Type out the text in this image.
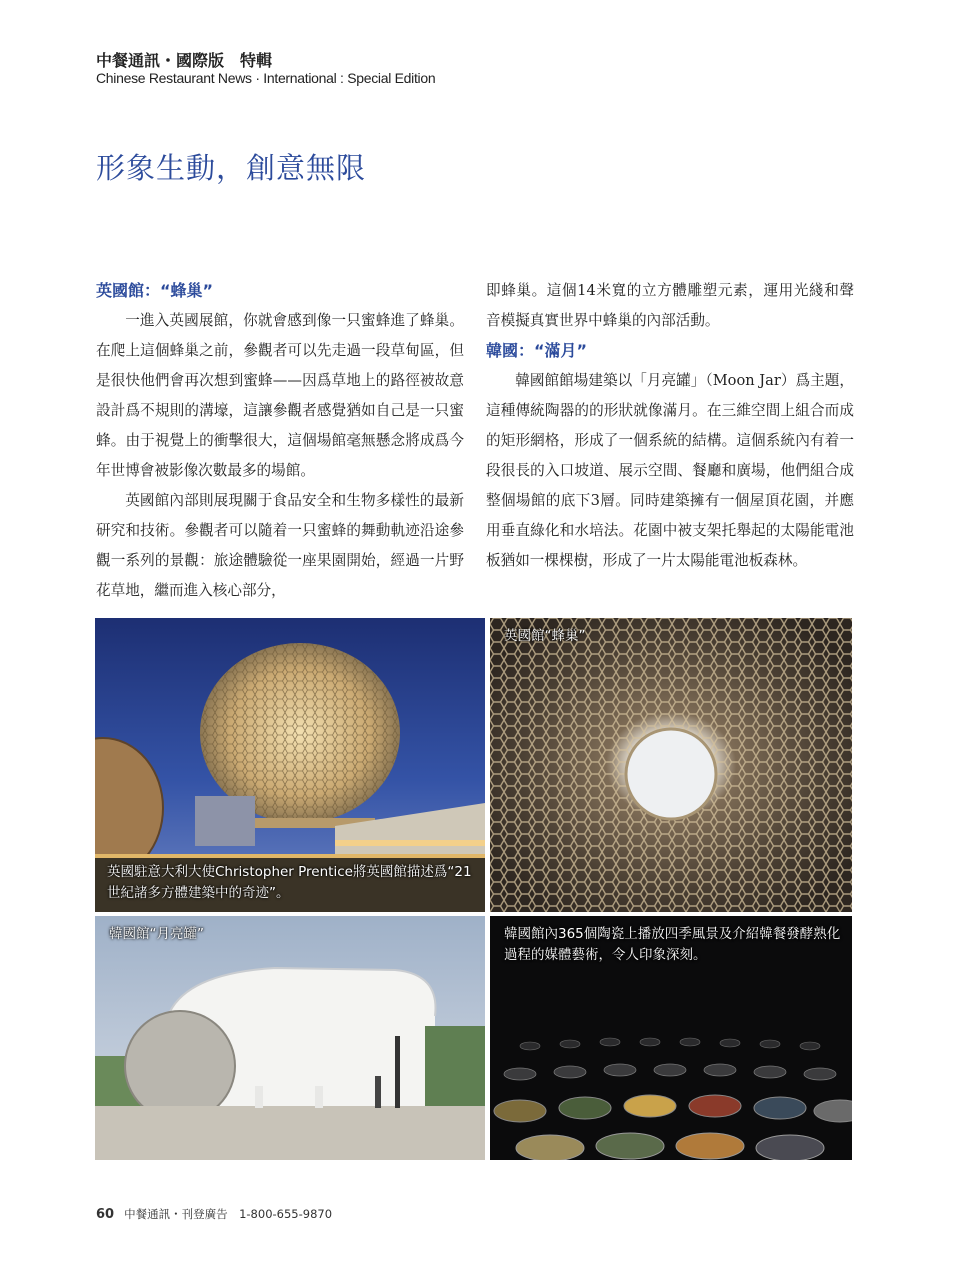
中餐通訊・國際版　特輯
Chinese Restaurant News · International : Special Edition
形象生動，創意無限

英國館：“蜂巢”

一進入英國展館，你就會感到像一只蜜蜂進了蜂巢。在爬上這個蜂巢之前，參觀者可以先走過一段草甸區，但是很快他們會再次想到蜜蜂——因爲草地上的路徑被故意設計爲不規則的溝壕，這讓參觀者感覺猶如自己是一只蜜蜂。由于視覺上的衝擊很大，這個場館毫無懸念將成爲今年世博會被影像次數最多的場館。

英國館內部則展現關于食品安全和生物多樣性的最新研究和技術。參觀者可以隨着一只蜜蜂的舞動軌迹沿途參觀一系列的景觀：旅途體驗從一座果園開始，經過一片野花草地，繼而進入核心部分，

即蜂巢。這個14米寬的立方體雕塑元素，運用光綫和聲音模擬真實世界中蜂巢的內部活動。

韓國：“滿月”

韓國館館場建築以「月亮罐」（Moon Jar）爲主題，這種傳統陶器的的形狀就像滿月。在三維空間上組合而成的矩形網格，形成了一個系統的結構。這個系統內有着一段很長的入口坡道、展示空間、餐廳和廣場，他們組合成整個場館的底下3層。同時建築擁有一個屋頂花園，并應用垂直綠化和水培法。花園中被支架托舉起的太陽能電池板猶如一棵棵樹，形成了一片太陽能電池板森林。

英國駐意大利大使Christopher Prentice將英國館描述爲“21世紀諸多方體建築中的奇迹”。
英國館“蜂巢”
韓國館“月亮罐”	韓國館內365個陶瓷上播放四季風景及介紹韓餐發酵熟化過程的媒體藝術，令人印象深刻。
60 中餐通訊・刊登廣告　1-800-655-9870
